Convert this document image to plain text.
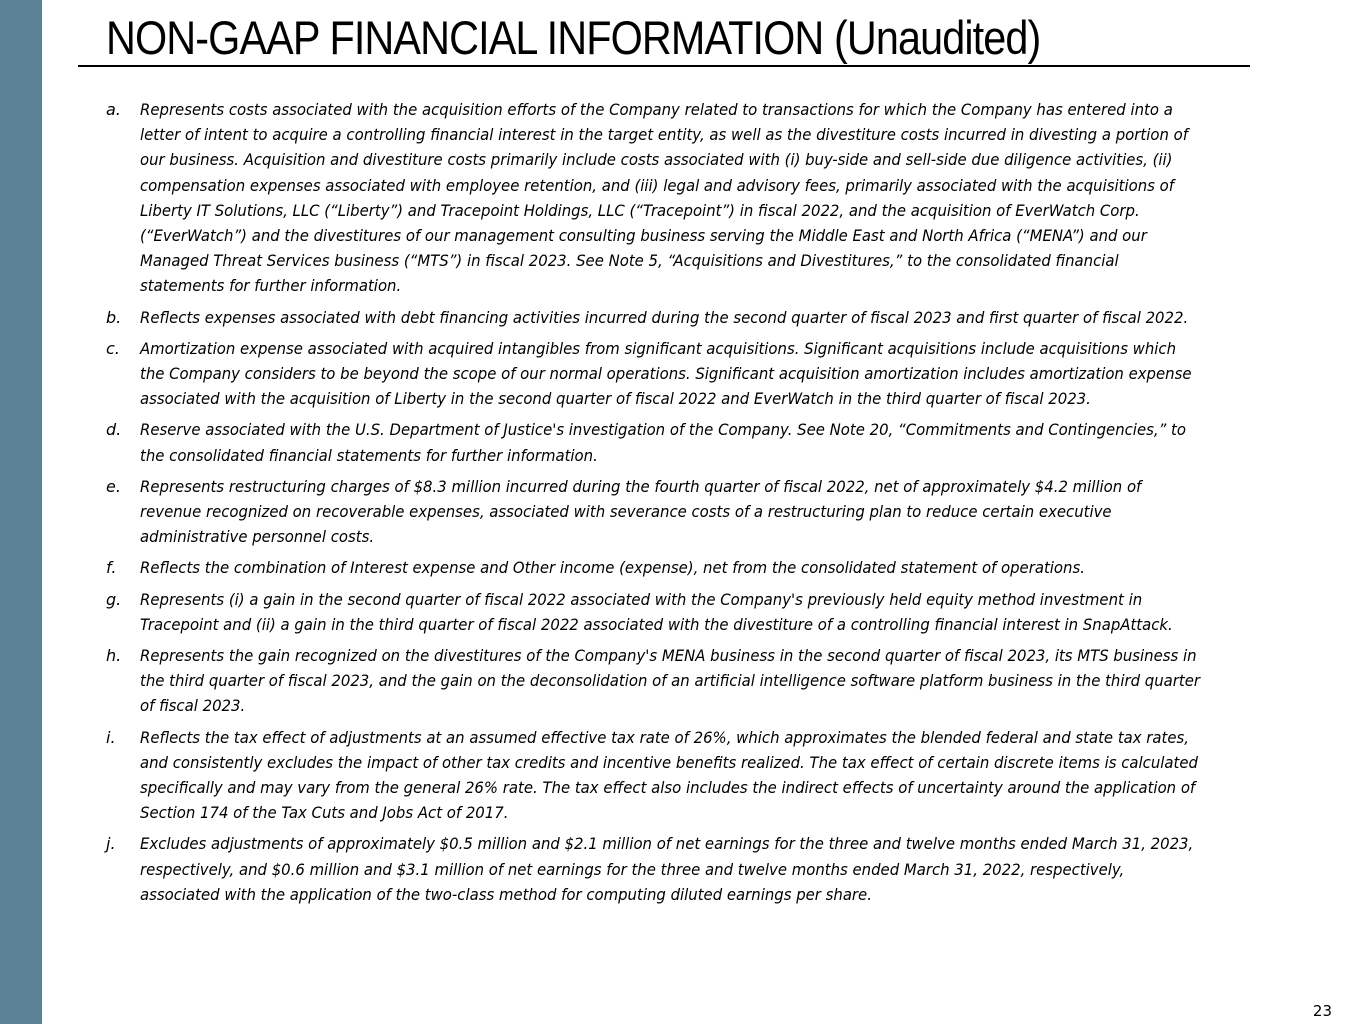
NON-GAAP FINANCIAL INFORMATION (Unaudited)
a.	Represents costs associated with the acquisition efforts of the Company related to transactions for which the Company has entered into a letter of intent to acquire a controlling financial interest in the target entity, as well as the divestiture costs incurred in divesting a portion of our business. Acquisition and divestiture costs primarily include costs associated with (i) buy-side and sell-side due diligence activities, (ii) compensation expenses associated with employee retention, and (iii) legal and advisory fees, primarily associated with the acquisitions of Liberty IT Solutions, LLC (“Liberty”) and Tracepoint Holdings, LLC (“Tracepoint”) in fiscal 2022, and the acquisition of EverWatch Corp. (“EverWatch”) and the divestitures of our management consulting business serving the Middle East and North Africa (“MENA”) and our Managed Threat Services business (“MTS”) in fiscal 2023. See Note 5, “Acquisitions and Divestitures,” to the consolidated financial statements for further information.
b.	Reflects expenses associated with debt financing activities incurred during the second quarter of fiscal 2023 and first quarter of fiscal 2022.
c.	Amortization expense associated with acquired intangibles from significant acquisitions. Significant acquisitions include acquisitions which the Company considers to be beyond the scope of our normal operations. Significant acquisition amortization includes amortization expense associated with the acquisition of Liberty in the second quarter of fiscal 2022 and EverWatch in the third quarter of fiscal 2023.
d.	Reserve associated with the U.S. Department of Justice's investigation of the Company. See Note 20, “Commitments and Contingencies,” to the consolidated financial statements for further information.
e.	Represents restructuring charges of $8.3 million incurred during the fourth quarter of fiscal 2022, net of approximately $4.2 million of revenue recognized on recoverable expenses, associated with severance costs of a restructuring plan to reduce certain executive administrative personnel costs.
f.	Reflects the combination of Interest expense and Other income (expense), net from the consolidated statement of operations.
g.	Represents (i) a gain in the second quarter of fiscal 2022 associated with the Company's previously held equity method investment in Tracepoint and (ii) a gain in the third quarter of fiscal 2022 associated with the divestiture of a controlling financial interest in SnapAttack.
h.	Represents the gain recognized on the divestitures of the Company's MENA business in the second quarter of fiscal 2023, its MTS business in the third quarter of fiscal 2023, and the gain on the deconsolidation of an artificial intelligence software platform business in the third quarter of fiscal 2023.
i.	Reflects the tax effect of adjustments at an assumed effective tax rate of 26%, which approximates the blended federal and state tax rates, and consistently excludes the impact of other tax credits and incentive benefits realized. The tax effect of certain discrete items is calculated specifically and may vary from the general 26% rate. The tax effect also includes the indirect effects of uncertainty around the application of Section 174 of the Tax Cuts and Jobs Act of 2017.
j.	Excludes adjustments of approximately $0.5 million and $2.1 million of net earnings for the three and twelve months ended March 31, 2023, respectively, and $0.6 million and $3.1 million of net earnings for the three and twelve months ended March 31, 2022, respectively, associated with the application of the two-class method for computing diluted earnings per share.
23
